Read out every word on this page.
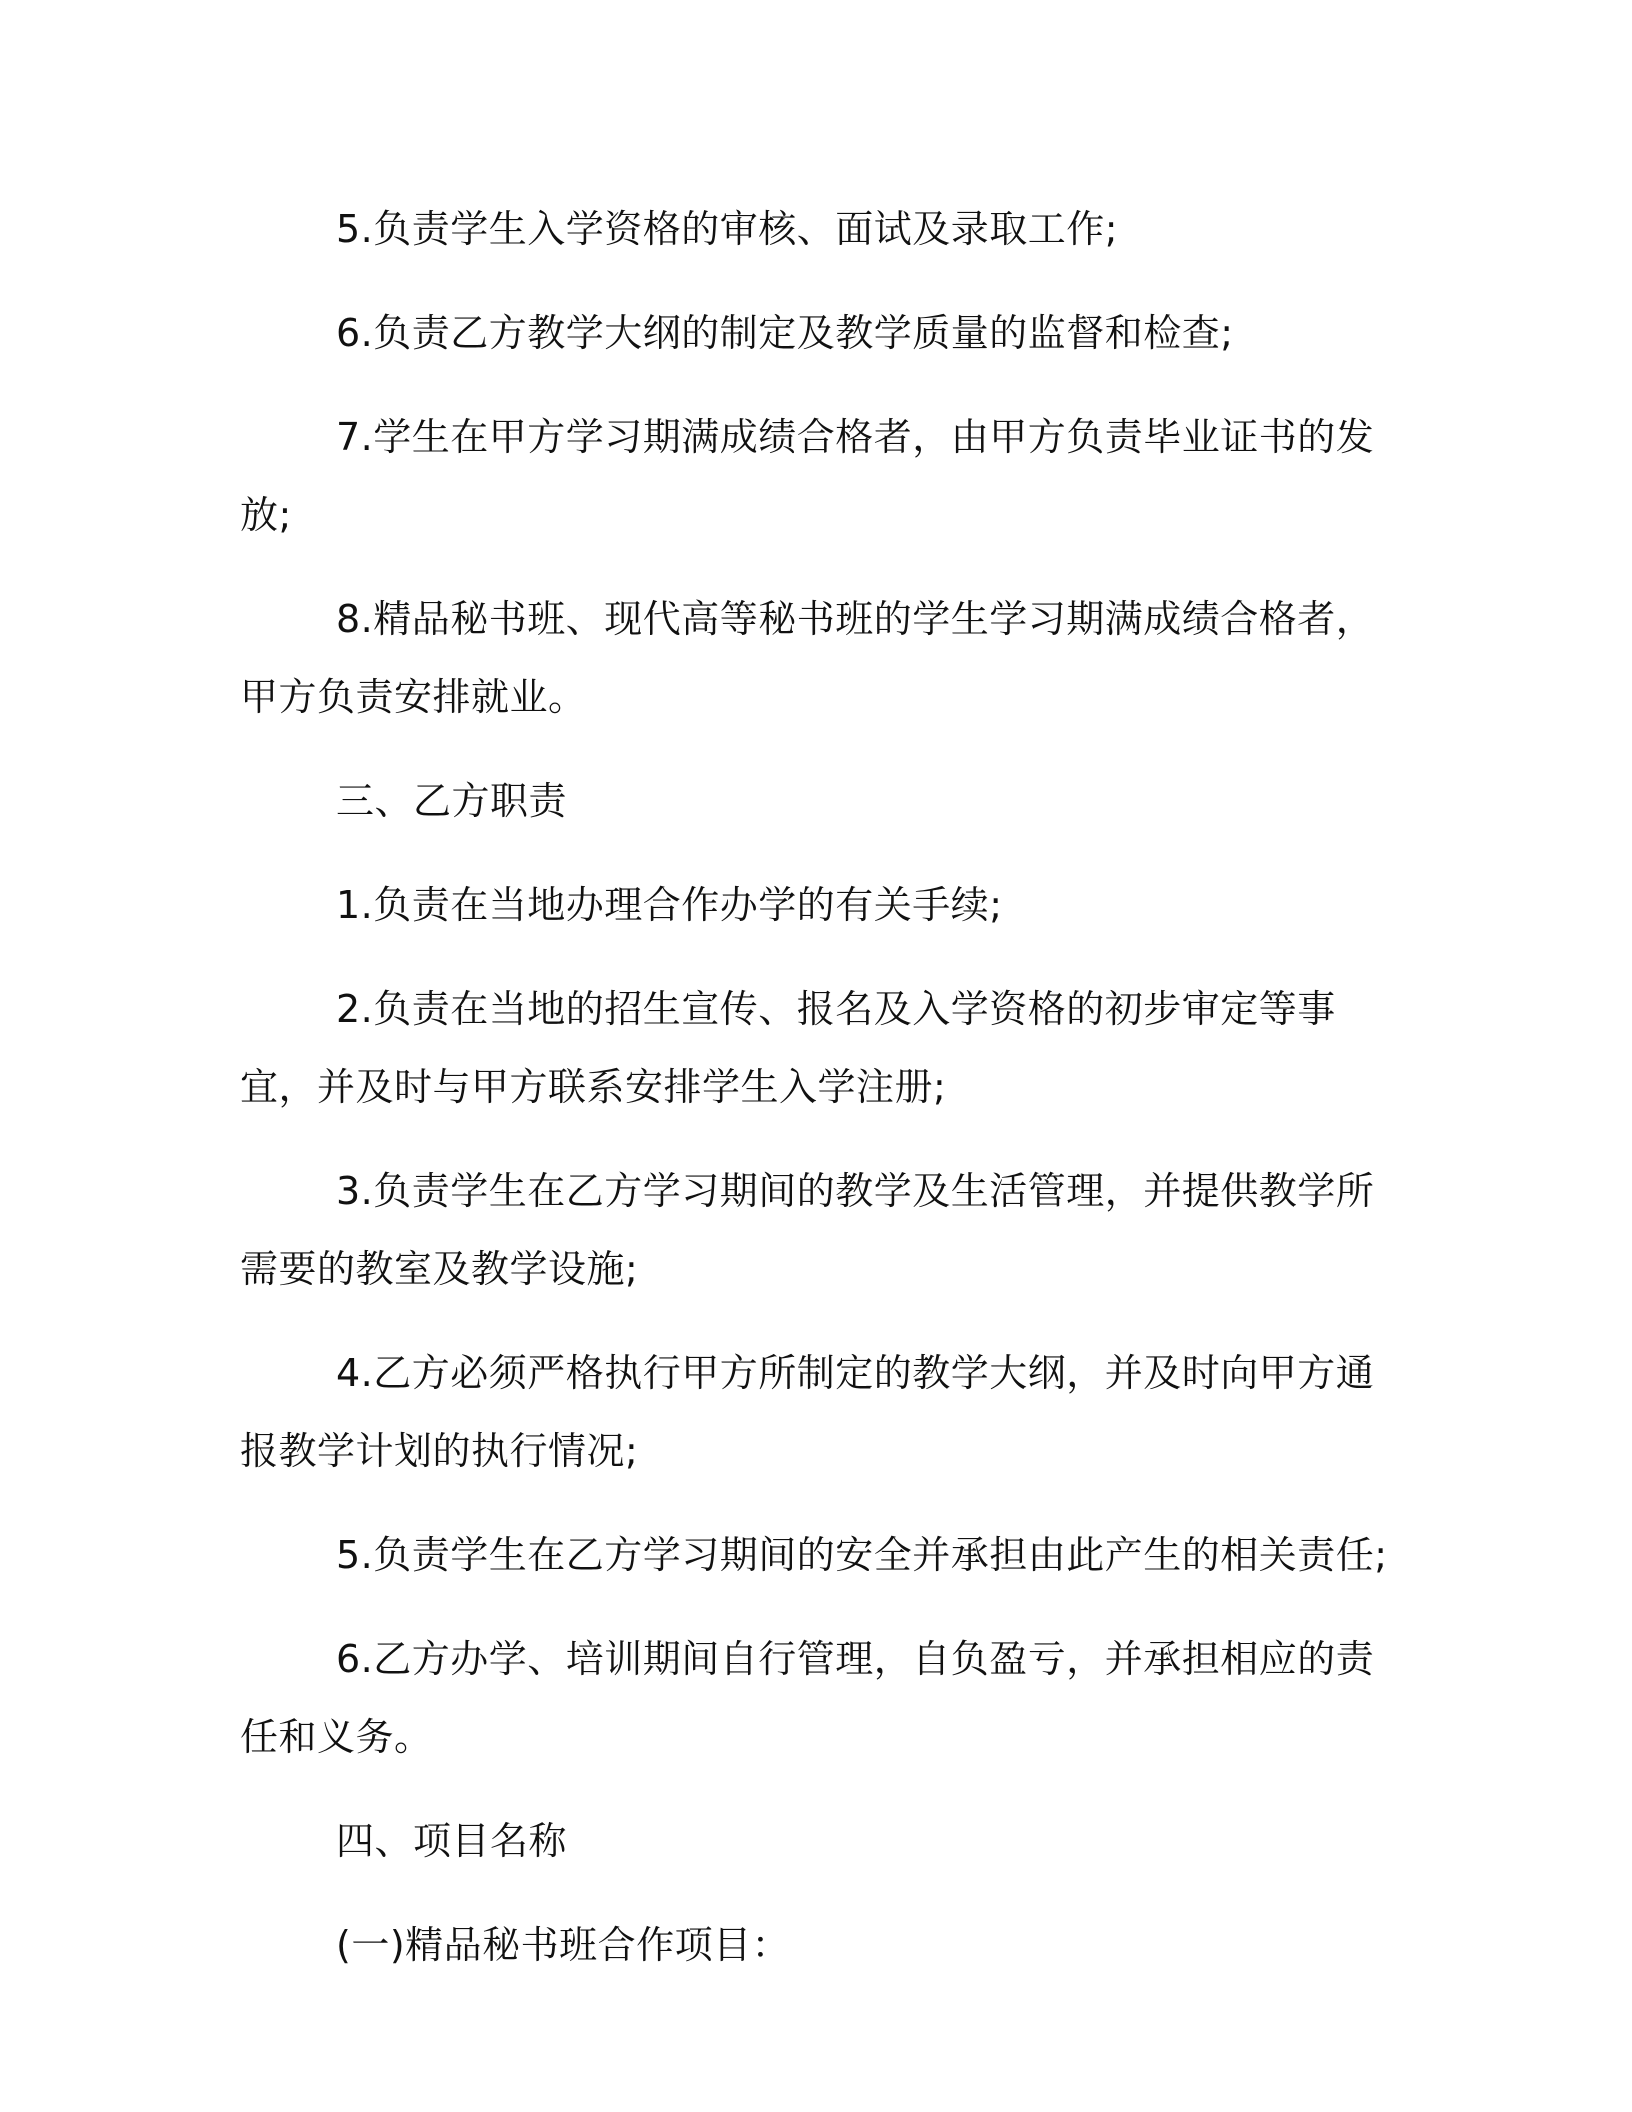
5.负责学生入学资格的审核、面试及录取工作;

6.负责乙方教学大纲的制定及教学质量的监督和检查;

7.学生在甲方学习期满成绩合格者，由甲方负责毕业证书的发放;

8.精品秘书班、现代高等秘书班的学生学习期满成绩合格者，甲方负责安排就业。

三、乙方职责

1.负责在当地办理合作办学的有关手续;

2.负责在当地的招生宣传、报名及入学资格的初步审定等事宜，并及时与甲方联系安排学生入学注册;

3.负责学生在乙方学习期间的教学及生活管理，并提供教学所需要的教室及教学设施;

4.乙方必须严格执行甲方所制定的教学大纲，并及时向甲方通报教学计划的执行情况;

5.负责学生在乙方学习期间的安全并承担由此产生的相关责任;

6.乙方办学、培训期间自行管理，自负盈亏，并承担相应的责任和义务。

四、项目名称

(一)精品秘书班合作项目：
